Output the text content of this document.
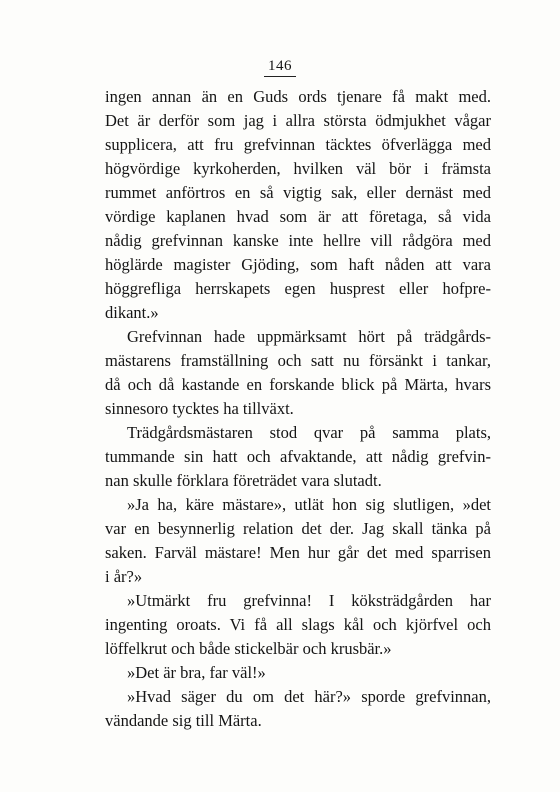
146
ingen annan än en Guds ords tjenare få makt med.
Det är derför som jag i allra största ödmjukhet vågar
supplicera, att fru grefvinnan täcktes öfverlägga med
högvördige kyrkoherden, hvilken väl bör i främsta
rummet anförtros en så vigtig sak, eller dernäst med
vördige kaplanen hvad som är att företaga, så vida
nådig grefvinnan kanske inte hellre vill rådgöra med
höglärde magister Gjöding, som haft nåden att vara
höggrefliga herrskapets egen husprest eller hofpre-
dikant.»
Grefvinnan hade uppmärksamt hört på trädgårds-
mästarens framställning och satt nu försänkt i tankar,
då och då kastande en forskande blick på Märta, hvars
sinnesoro tycktes ha tillväxt.
Trädgårdsmästaren stod qvar på samma plats,
tummande sin hatt och afvaktande, att nådig grefvin-
nan skulle förklara företrädet vara slutadt.
»Ja ha, käre mästare», utlät hon sig slutligen, »det
var en besynnerlig relation det der. Jag skall tänka på
saken. Farväl mästare! Men hur går det med sparrisen
i år?»
»Utmärkt fru grefvinna! I köksträdgården har
ingenting oroats. Vi få all slags kål och kjörfvel och
löffelkrut och både stickelbär och krusbär.»
»Det är bra, far väl!»
»Hvad säger du om det här?» sporde grefvinnan,
vändande sig till Märta.
